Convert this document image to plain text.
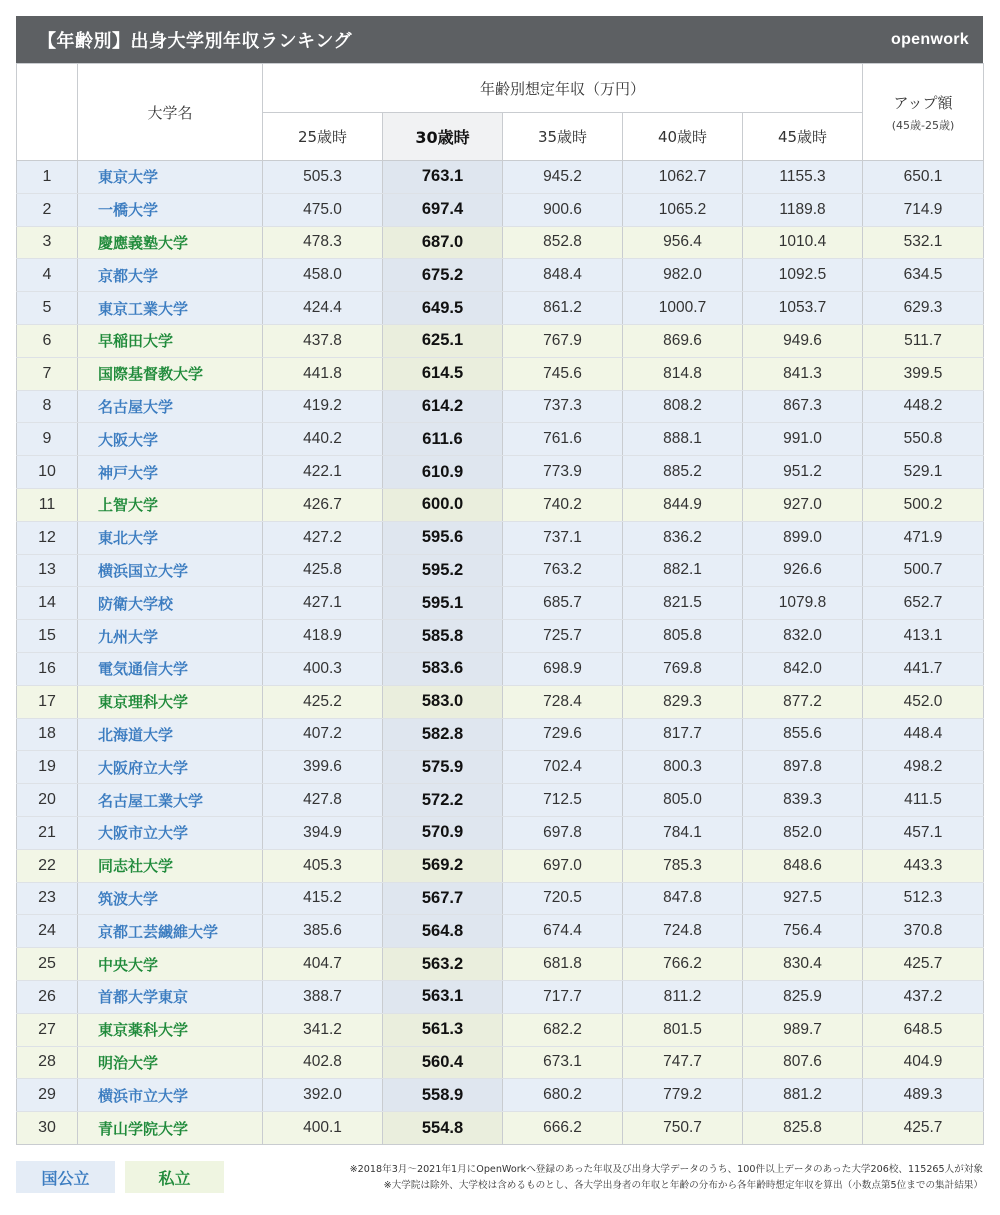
【年齢別】出身大学別年収ランキング	openwork
	大学名	年齢別想定年収（万円）					アップ額
(45歳-25歳)

		25歳時	30歳時	35歳時	40歳時	45歳時	
1	東京大学	505.3	763.1	945.2	1062.7	1155.3	650.1
2	一橋大学	475.0	697.4	900.6	1065.2	1189.8	714.9
3	慶應義塾大学	478.3	687.0	852.8	956.4	1010.4	532.1
4	京都大学	458.0	675.2	848.4	982.0	1092.5	634.5
5	東京工業大学	424.4	649.5	861.2	1000.7	1053.7	629.3
6	早稲田大学	437.8	625.1	767.9	869.6	949.6	511.7
7	国際基督教大学	441.8	614.5	745.6	814.8	841.3	399.5
8	名古屋大学	419.2	614.2	737.3	808.2	867.3	448.2
9	大阪大学	440.2	611.6	761.6	888.1	991.0	550.8
10	神戸大学	422.1	610.9	773.9	885.2	951.2	529.1
11	上智大学	426.7	600.0	740.2	844.9	927.0	500.2
12	東北大学	427.2	595.6	737.1	836.2	899.0	471.9
13	横浜国立大学	425.8	595.2	763.2	882.1	926.6	500.7
14	防衛大学校	427.1	595.1	685.7	821.5	1079.8	652.7
15	九州大学	418.9	585.8	725.7	805.8	832.0	413.1
16	電気通信大学	400.3	583.6	698.9	769.8	842.0	441.7
17	東京理科大学	425.2	583.0	728.4	829.3	877.2	452.0
18	北海道大学	407.2	582.8	729.6	817.7	855.6	448.4
19	大阪府立大学	399.6	575.9	702.4	800.3	897.8	498.2
20	名古屋工業大学	427.8	572.2	712.5	805.0	839.3	411.5
21	大阪市立大学	394.9	570.9	697.8	784.1	852.0	457.1
22	同志社大学	405.3	569.2	697.0	785.3	848.6	443.3
23	筑波大学	415.2	567.7	720.5	847.8	927.5	512.3
24	京都工芸繊維大学	385.6	564.8	674.4	724.8	756.4	370.8
25	中央大学	404.7	563.2	681.8	766.2	830.4	425.7
26	首都大学東京	388.7	563.1	717.7	811.2	825.9	437.2
27	東京薬科大学	341.2	561.3	682.2	801.5	989.7	648.5
28	明治大学	402.8	560.4	673.1	747.7	807.6	404.9
29	横浜市立大学	392.0	558.9	680.2	779.2	881.2	489.3
30	青山学院大学	400.1	554.8	666.2	750.7	825.8	425.7
国公立	私立	※2018年3月〜2021年1月にOpenWorkへ登録のあった年収及び出身大学データのうち、100件以上データのあった大学206校、115265人が対象
※大学院は除外、大学校は含めるものとし、各大学出身者の年収と年齢の分布から各年齢時想定年収を算出（小数点第5位までの集計結果）
